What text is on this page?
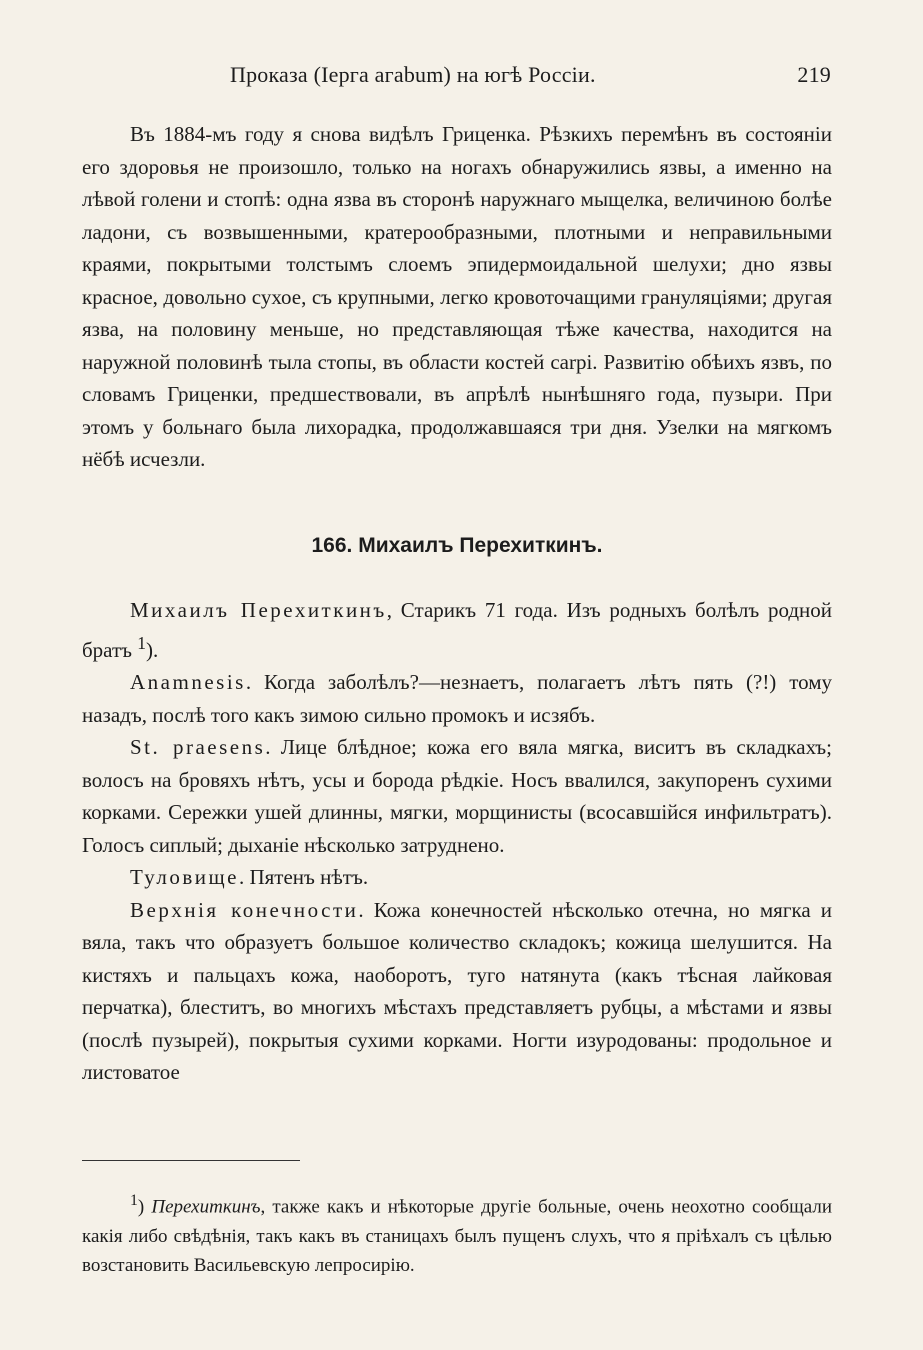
Проказа (Iерга агаbum) на югѣ Россіи.	219

Въ 1884-мъ году я снова видѣлъ Гриценка. Рѣзкихъ перемѣнъ въ состояніи его здоровья не произошло, только на ногахъ обнаружились язвы, а именно на лѣвой голени и стопѣ: одна язва въ сторонѣ наружнаго мыщелка, величиною болѣе ладони, съ возвышенными, кратерообразными, плотными и неправильными краями, покрытыми толстымъ слоемъ эпидермоидальной шелухи; дно язвы красное, довольно сухое, съ крупными, легко кровоточащими грануляціями; другая язва, на половину меньше, но представляющая тѣже качества, находится на наружной половинѣ тыла стопы, въ области костей carpi. Развитію обѣихъ язвъ, по словамъ Гриценки, предшествовали, въ апрѣлѣ нынѣшняго года, пузыри. При этомъ у больнаго была лихорадка, продолжавшаяся три дня. Узелки на мягкомъ нёбѣ исчезли.

166. Михаилъ Перехиткинъ.

Михаилъ Перехиткинъ, Старикъ 71 года. Изъ родныхъ болѣлъ родной братъ $^1$).

Anamnesis. Когда заболѣлъ?—незнаетъ, полагаетъ лѣтъ пять (?!) тому назадъ, послѣ того какъ зимою сильно промокъ и исзябъ.

St. praesens. Лице блѣдное; кожа его вяла мягка, виситъ въ складкахъ; волосъ на бровяхъ нѣтъ, усы и борода рѣдкіе. Носъ ввалился, закупоренъ сухими корками. Сережки ушей длинны, мягки, морщинисты (всосавшійся инфильтратъ). Голосъ сиплый; дыханіе нѣсколько затруднено.

Туловище. Пятенъ нѣтъ.

Верхнія конечности. Кожа конечностей нѣсколько отечна, но мягка и вяла, такъ что образуетъ большое количество складокъ; кожица шелушится. На кистяхъ и пальцахъ кожа, наоборотъ, туго натянута (какъ тѣсная лайковая перчатка), блеститъ, во многихъ мѣстахъ представляетъ рубцы, а мѣстами и язвы (послѣ пузырей), покрытыя сухими корками. Ногти изуродованы: продольное и листоватое

$^1$) Перехиткинъ, также какъ и нѣкоторые другіе больные, очень неохотно сообщали какія либо свѣдѣнія, такъ какъ въ станицахъ былъ пущенъ слухъ, что я пріѣхалъ съ цѣлью возстановить Васильевскую лепросирію.
